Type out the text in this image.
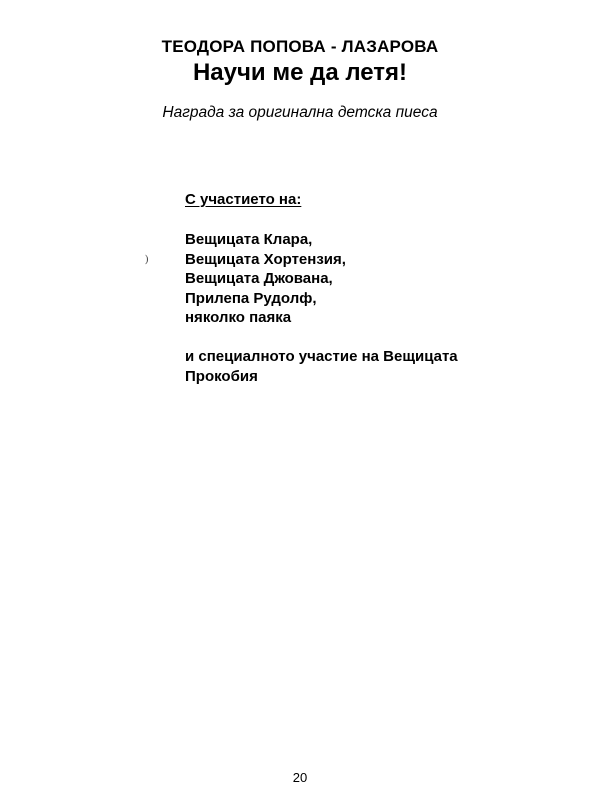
ТЕОДОРА ПОПОВА - ЛАЗАРОВА
Научи ме да летя!
Награда за оригинална детска пиеса
)
С участието на:
Вещицата Клара,
Вещицата Хортензия,
Вещицата Джована,
Прилепа Рудолф,
няколко паяка
и специалното участие на Вещицата
Прокобия
20
